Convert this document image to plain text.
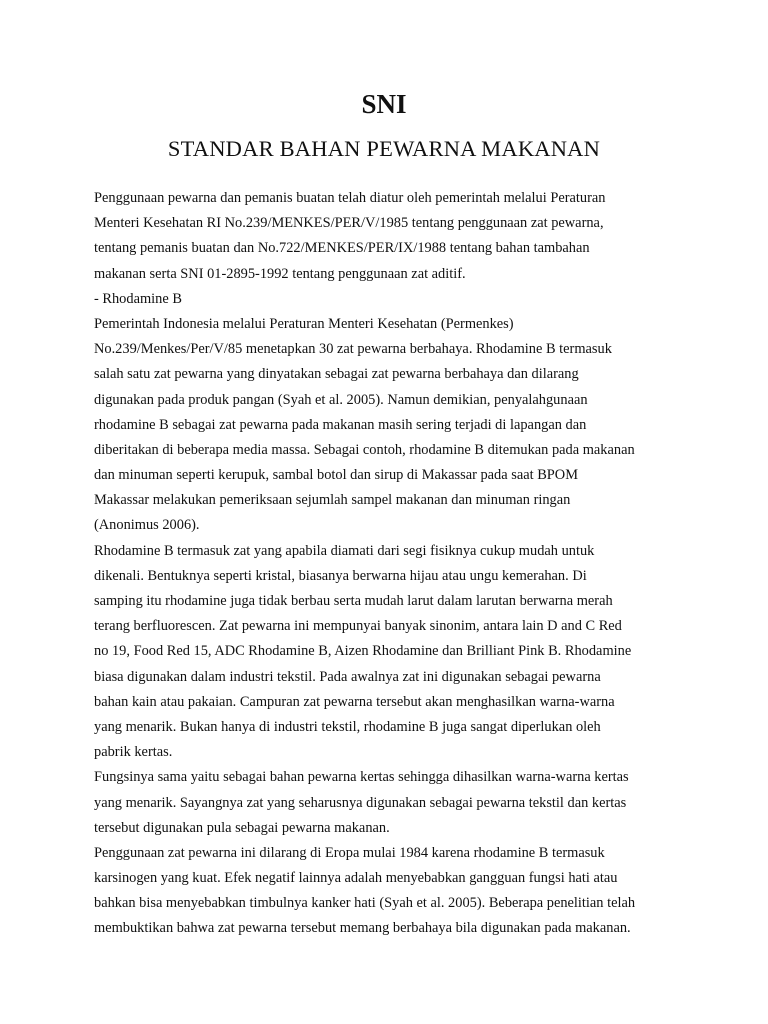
SNI
STANDAR BAHAN PEWARNA MAKANAN
Penggunaan pewarna dan pemanis buatan telah diatur oleh pemerintah melalui Peraturan
Menteri Kesehatan RI No.239/MENKES/PER/V/1985 tentang penggunaan zat pewarna,
tentang pemanis buatan dan No.722/MENKES/PER/IX/1988 tentang bahan tambahan
makanan serta SNI 01-2895-1992 tentang penggunaan zat aditif.
- Rhodamine B
Pemerintah Indonesia melalui Peraturan Menteri Kesehatan (Permenkes)
No.239/Menkes/Per/V/85 menetapkan 30 zat pewarna berbahaya. Rhodamine B termasuk
salah satu zat pewarna yang dinyatakan sebagai zat pewarna berbahaya dan dilarang
digunakan pada produk pangan (Syah et al. 2005). Namun demikian, penyalahgunaan
rhodamine B sebagai zat pewarna pada makanan masih sering terjadi di lapangan dan
diberitakan di beberapa media massa. Sebagai contoh, rhodamine B ditemukan pada makanan
dan minuman seperti kerupuk, sambal botol dan sirup di Makassar pada saat BPOM
Makassar melakukan pemeriksaan sejumlah sampel makanan dan minuman ringan
(Anonimus 2006).
Rhodamine B termasuk zat yang apabila diamati dari segi fisiknya cukup mudah untuk
dikenali. Bentuknya seperti kristal, biasanya berwarna hijau atau ungu kemerahan. Di
samping itu rhodamine juga tidak berbau serta mudah larut dalam larutan berwarna merah
terang berfluorescen. Zat pewarna ini mempunyai banyak sinonim, antara lain D and C Red
no 19, Food Red 15, ADC Rhodamine B, Aizen Rhodamine dan Brilliant Pink B. Rhodamine
biasa digunakan dalam industri tekstil. Pada awalnya zat ini digunakan sebagai pewarna
bahan kain atau pakaian. Campuran zat pewarna tersebut akan menghasilkan warna-warna
yang menarik. Bukan hanya di industri tekstil, rhodamine B juga sangat diperlukan oleh
pabrik kertas.
Fungsinya sama yaitu sebagai bahan pewarna kertas sehingga dihasilkan warna-warna kertas
yang menarik. Sayangnya zat yang seharusnya digunakan sebagai pewarna tekstil dan kertas
tersebut digunakan pula sebagai pewarna makanan.
Penggunaan zat pewarna ini dilarang di Eropa mulai 1984 karena rhodamine B termasuk
karsinogen yang kuat. Efek negatif lainnya adalah menyebabkan gangguan fungsi hati atau
bahkan bisa menyebabkan timbulnya kanker hati (Syah et al. 2005). Beberapa penelitian telah
membuktikan bahwa zat pewarna tersebut memang berbahaya bila digunakan pada makanan.
